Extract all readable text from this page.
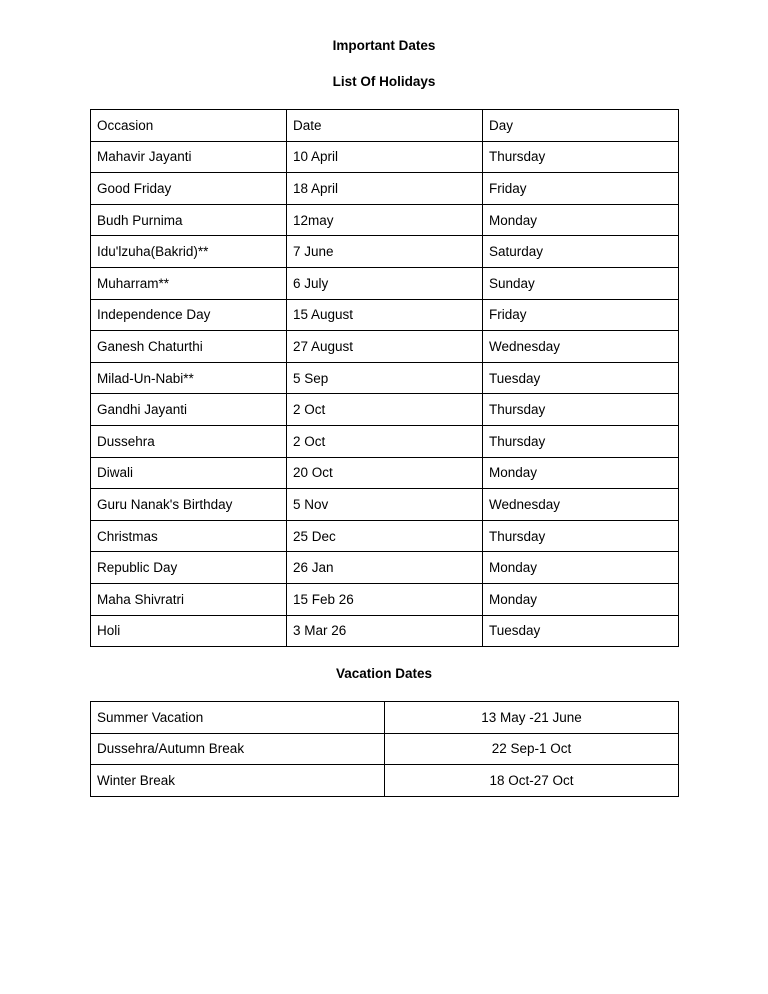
Important Dates
List Of Holidays
Occasion	Date	Day
Mahavir Jayanti	10 April	Thursday
Good Friday	18 April	Friday
Budh Purnima	12may	Monday
Idu'lzuha(Bakrid)**	7 June	Saturday
Muharram**	6 July	Sunday
Independence Day	15 August	Friday
Ganesh Chaturthi	27 August	Wednesday
Milad-Un-Nabi**	5 Sep	Tuesday
Gandhi Jayanti	2 Oct	Thursday
Dussehra	2 Oct	Thursday
Diwali	20 Oct	Monday
Guru Nanak's Birthday	5 Nov	Wednesday
Christmas	25 Dec	Thursday
Republic Day	26 Jan	Monday
Maha Shivratri	15 Feb 26	Monday
Holi	3 Mar 26	Tuesday
Vacation Dates
Summer Vacation	13 May -21 June
Dussehra/Autumn Break	22 Sep-1 Oct
Winter Break	18 Oct-27 Oct
